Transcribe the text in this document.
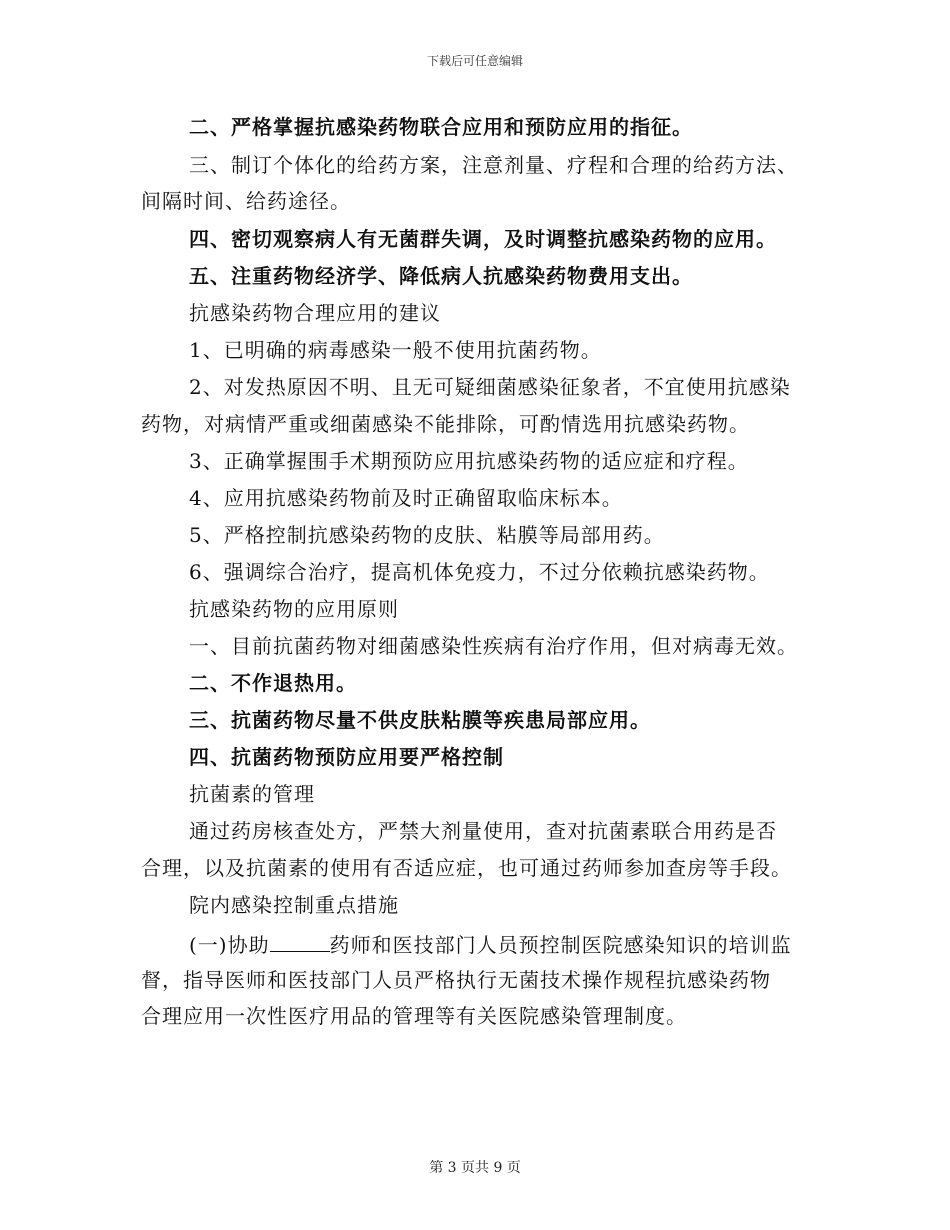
下载后可任意编辑
二、严格掌握抗感染药物联合应用和预防应用的指征。
三、制订个体化的给药方案，注意剂量、疗程和合理的给药方法、
间隔时间、给药途径。
四、密切观察病人有无菌群失调，及时调整抗感染药物的应用。
五、注重药物经济学、降低病人抗感染药物费用支出。
抗感染药物合理应用的建议
1、已明确的病毒感染一般不使用抗菌药物。
2、对发热原因不明、且无可疑细菌感染征象者，不宜使用抗感染
药物，对病情严重或细菌感染不能排除，可酌情选用抗感染药物。
3、正确掌握围手术期预防应用抗感染药物的适应症和疗程。
4、应用抗感染药物前及时正确留取临床标本。
5、严格控制抗感染药物的皮肤、粘膜等局部用药。
6、强调综合治疗，提高机体免疫力，不过分依赖抗感染药物。
抗感染药物的应用原则
一、目前抗菌药物对细菌感染性疾病有治疗作用，但对病毒无效。
二、不作退热用。
三、抗菌药物尽量不供皮肤粘膜等疾患局部应用。
四、抗菌药物预防应用要严格控制
抗菌素的管理
通过药房核查处方，严禁大剂量使用，查对抗菌素联合用药是否
合理，以及抗菌素的使用有否适应症，也可通过药师参加查房等手段。
院内感染控制重点措施
(一)协助	药师和医技部门人员预控制医院感染知识的培训监
督，指导医师和医技部门人员严格执行无菌技术操作规程抗感染药物
合理应用一次性医疗用品的管理等有关医院感染管理制度。
第 3 页共 9 页
